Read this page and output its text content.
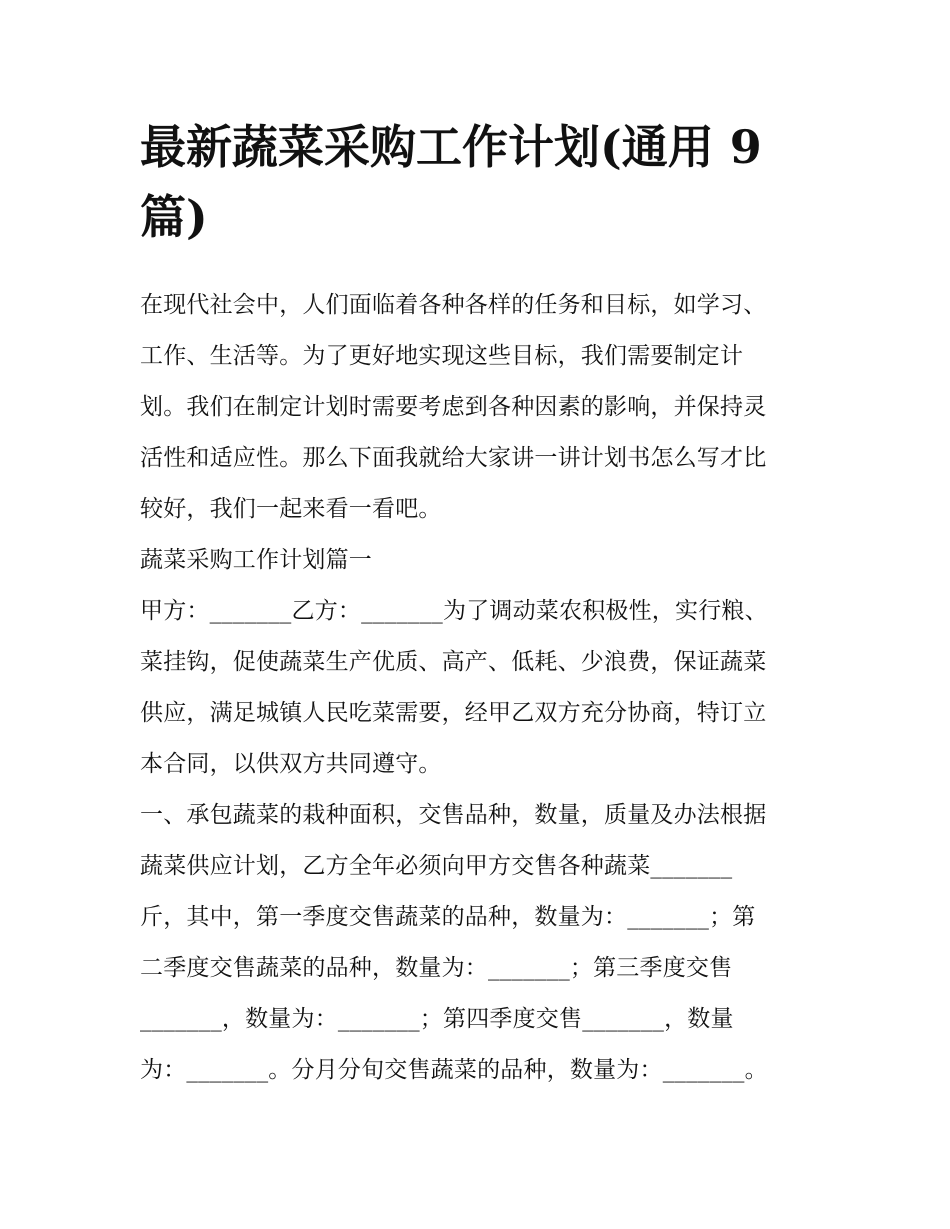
最新蔬菜采购工作计划(通用 9
篇)
在现代社会中，人们面临着各种各样的任务和目标，如学习、
工作、生活等。为了更好地实现这些目标，我们需要制定计
划。我们在制定计划时需要考虑到各种因素的影响，并保持灵
活性和适应性。那么下面我就给大家讲一讲计划书怎么写才比
较好，我们一起来看一看吧。
蔬菜采购工作计划篇一
甲方：_______乙方：_______为了调动菜农积极性，实行粮、
菜挂钩，促使蔬菜生产优质、高产、低耗、少浪费，保证蔬菜
供应，满足城镇人民吃菜需要，经甲乙双方充分协商，特订立
本合同，以供双方共同遵守。
一、承包蔬菜的栽种面积，交售品种，数量，质量及办法根据
蔬菜供应计划，乙方全年必须向甲方交售各种蔬菜_______
斤，其中，第一季度交售蔬菜的品种，数量为：_______；第
二季度交售蔬菜的品种，数量为：_______；第三季度交售
_______，数量为：_______；第四季度交售_______，数量
为：_______。分月分旬交售蔬菜的品种，数量为：_______。
